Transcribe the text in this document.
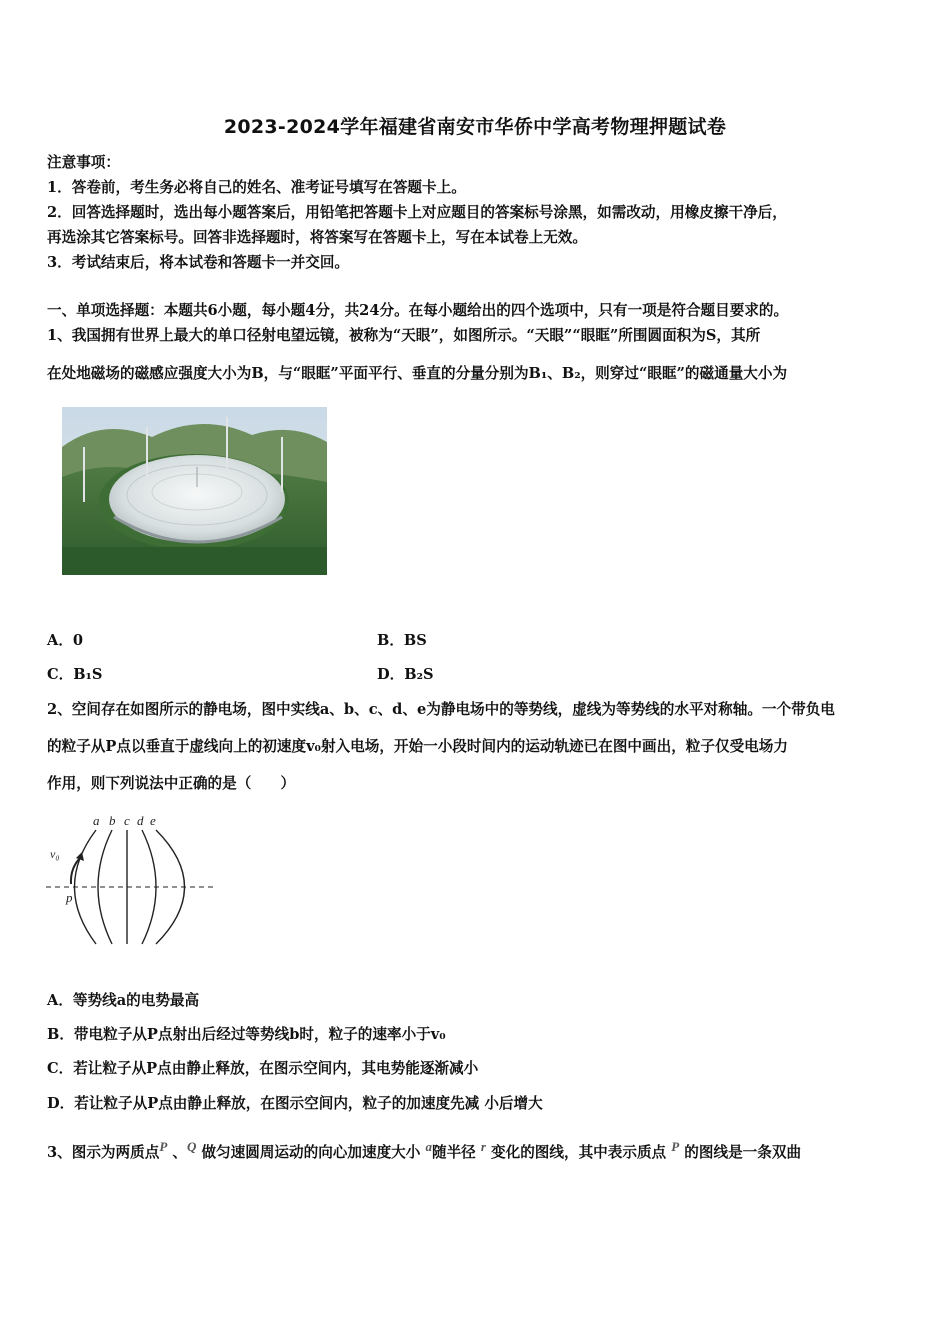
2023-2024学年福建省南安市华侨中学高考物理押题试卷
注意事项：
1．答卷前，考生务必将自己的姓名、准考证号填写在答题卡上。
2．回答选择题时，选出每小题答案后，用铅笔把答题卡上对应题目的答案标号涂黑，如需改动，用橡皮擦干净后，
再选涂其它答案标号。回答非选择题时，将答案写在答题卡上，写在本试卷上无效。
3．考试结束后，将本试卷和答题卡一并交回。
一、单项选择题：本题共6小题，每小题4分，共24分。在每小题给出的四个选项中，只有一项是符合题目要求的。
1、我国拥有世界上最大的单口径射电望远镜，被称为“天眼”，如图所示。“天眼”“眼眶”所围圆面积为S，其所
在处地磁场的磁感应强度大小为B，与“眼眶”平面平行、垂直的分量分别为B₁、B₂，则穿过“眼眶”的磁通量大小为
A．0	B．BS
C．B₁S	D．B₂S
2、空间存在如图所示的静电场，图中实线a、b、c、d、e为静电场中的等势线，虚线为等势线的水平对称轴。一个带负电
的粒子从P点以垂直于虚线向上的初速度v₀射入电场，开始一小段时间内的运动轨迹已在图中画出，粒子仅受电场力
作用，则下列说法中正确的是（　　）
a b c d e
v₀
p
A．等势线a的电势最高
B．带电粒子从P点射出后经过等势线b时，粒子的速率小于v₀
C．若让粒子从P点由静止释放，在图示空间内，其电势能逐渐减小
D．若让粒子从P点由静止释放，在图示空间内，粒子的加速度先减 小后增大
3、图示为两质点P 、Q 做匀速圆周运动的向心加速度大小 a随半径 r 变化的图线，其中表示质点 P 的图线是一条双曲
